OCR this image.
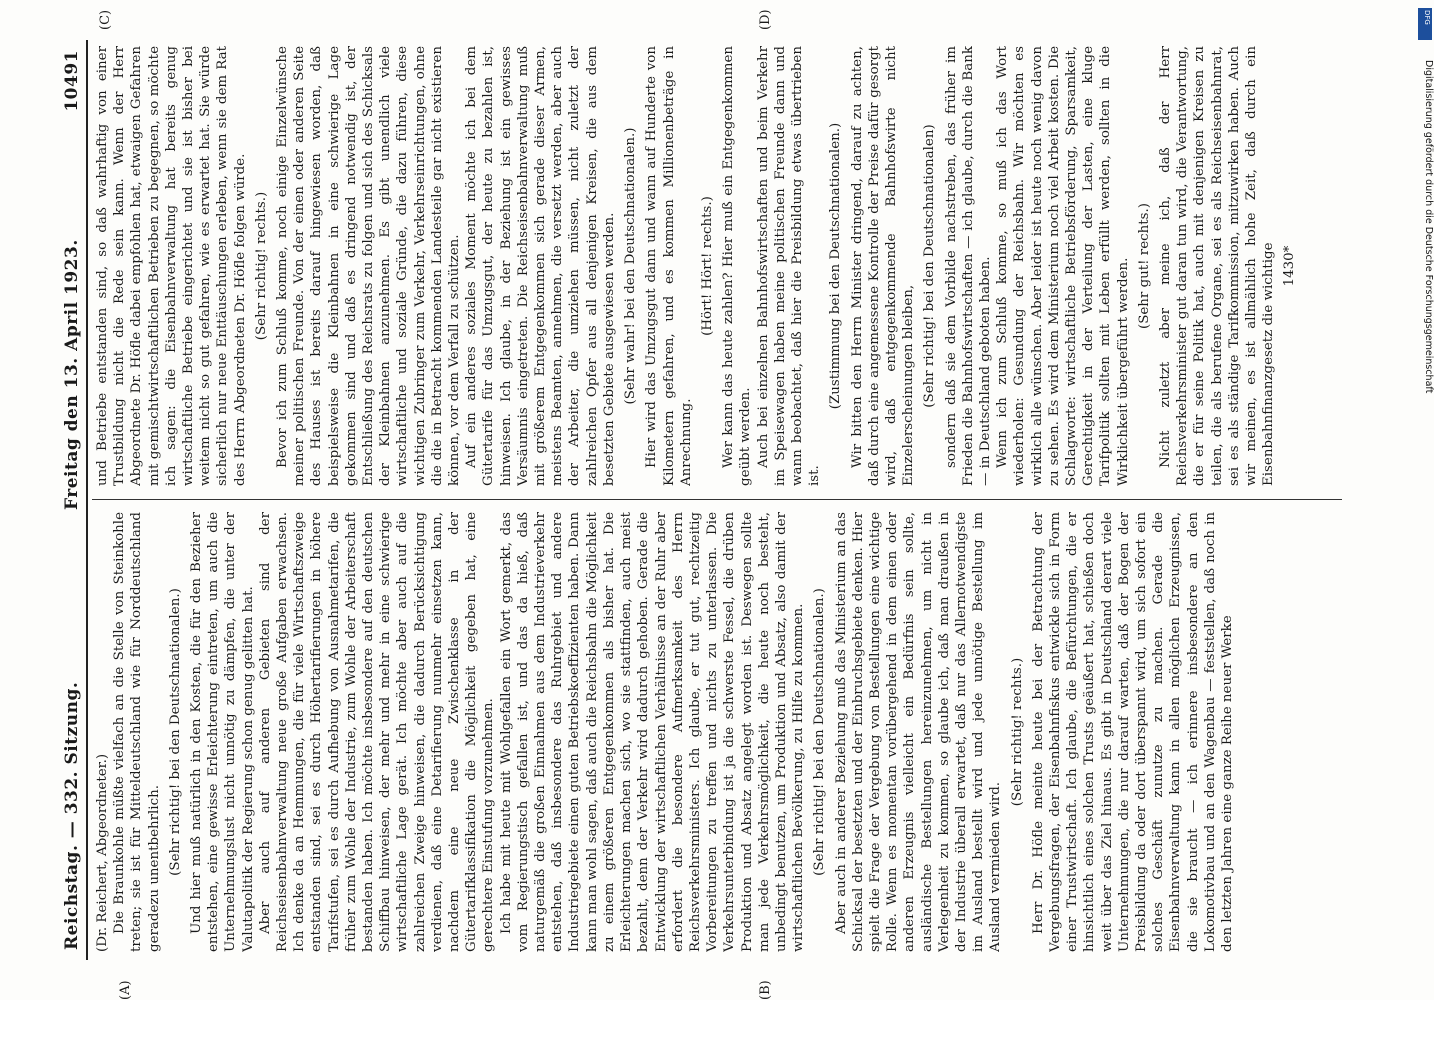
Reichstag. — 332. Sitzung.
Freitag den 13. April 1923.
10491

(Dr. Reichert, Abgeordneter.) Die Braunkohle müßte vielfach an die Stelle von Steinkohle treten; sie ist für Mitteldeutschland wie für Norddeutschland geradezu unentbehrlich. (Sehr richtig! bei den Deutschnationalen.) Und hier muß natürlich in den Kosten, die für den Bezieher entstehen, eine gewisse Erleichterung eintreten, um auch die Unternehmungslust nicht unnötig zu dämpfen, die unter der Valutapolitik der Regierung schon genug gelitten hat. Aber auch auf anderen Gebieten sind der Reichseisenbahnverwaltung neue große Aufgaben erwachsen. Ich denke da an Hemmungen, die für viele Wirtschaftszweige entstanden sind, sei es durch Höhertarifierungen in höhere Tarifstufen, sei es durch Aufhebung von Ausnahmetarifen, die früher zum Wohle der Industrie, zum Wohle der Arbeiterschaft bestanden haben. Ich möchte insbesondere auf den deutschen Schiffbau hinweisen, der mehr und mehr in eine schwierige wirtschaftliche Lage gerät. Ich möchte aber auch auf die zahlreichen Zweige hinweisen, die dadurch Berücksichtigung verdienen, daß eine Detarifierung nunmehr einsetzen kann, nachdem eine neue Zwischenklasse in der Gütertarifklassifikation die Möglichkeit gegeben hat, eine gerechtere Einstufung vorzunehmen. Ich habe mit heute mit Wohlgefallen ein Wort gemerkt, das vom Regierungstisch gefallen ist, und das da hieß, daß naturgemäß die großen Einnahmen aus dem Industrieverkehr entstehen, daß insbesondere das Ruhrgebiet und andere Industriegebiete einen guten Betriebskoeffizienten haben. Dann kann man wohl sagen, daß auch die Reichsbahn die Möglichkeit zu einem größeren Entgegenkommen als bisher hat. Die Erleichterungen machen sich, wo sie stattfinden, auch meist bezahlt, denn der Verkehr wird dadurch gehoben. Gerade die Entwicklung der wirtschaftlichen Verhältnisse an der Ruhr aber erfordert die besondere Aufmerksamkeit des Herrn Reichsverkehrsministers. Ich glaube, er tut gut, rechtzeitig Vorbereitungen zu treffen und nichts zu unterlassen. Die Verkehrsunterbindung ist ja die schwerste Fessel, die drüben Produktion und Absatz angelegt worden ist. Deswegen sollte man jede Verkehrsmöglichkeit, die heute noch besteht, unbedingt benutzen, um Produktion und Absatz, also damit der wirtschaftlichen Bevölkerung, zu Hilfe zu kommen. (Sehr richtig! bei den Deutschnationalen.) Aber auch in anderer Beziehung muß das Ministerium an das Schicksal der besetzten und der Einbruchsgebiete denken. Hier spielt die Frage der Vergebung von Bestellungen eine wichtige Rolle. Wenn es momentan vorübergehend in dem einen oder anderen Erzeugnis vielleicht ein Bedürfnis sein sollte, ausländische Bestellungen hereinzunehmen, um nicht in Verlegenheit zu kommen, so glaube ich, daß man draußen in der Industrie überall erwartet, daß nur das Allernotwendigste im Ausland bestellt wird und jede unnötige Bestellung im Ausland vermieden wird.

(Sehr richtig! rechts.) Herr Dr. Höfle meinte heute bei der Betrachtung der Vergebungsfragen, der Eisenbahnfiskus entwickle sich in Form einer Trustwirtschaft. Ich glaube, die Befürchtungen, die er hinsichtlich eines solchen Trusts geäußert hat, schießen doch weit über das Ziel hinaus. Es gibt in Deutschland derart viele Unternehmungen, die nur darauf warten, daß der Bogen der Preisbildung da oder dort überspannt wird, um sich sofort ein solches Geschäft zunutze zu machen. Gerade die Eisenbahnverwaltung kann in allen möglichen Erzeugnissen, die sie braucht — ich erinnere insbesondere an den Lokomotivbau und an den Wagenbau — feststellen, daß noch in den letzten Jahren eine ganze Reihe neuer Werke

und Betriebe entstanden sind, so daß wahrhaftig von einer Trustbildung nicht die Rede sein kann. Wenn der Herr Abgeordnete Dr. Höfle dabei empfohlen hat, etwaigen Gefahren mit gemischtwirtschaftlichen Betrieben zu begegnen, so möchte ich sagen: die Eisenbahnverwaltung hat bereits genug wirtschaftliche Betriebe eingerichtet und sie ist bisher bei weitem nicht so gut gefahren, wie es erwartet hat. Sie würde sicherlich nur neue Enttäuschungen erleben, wenn sie dem Rat des Herrn Abgeordneten Dr. Höfle folgen würde. (Sehr richtig! rechts.) Bevor ich zum Schluß komme, noch einige Einzelwünsche meiner politischen Freunde. Von der einen oder anderen Seite des Hauses ist bereits darauf hingewiesen worden, daß beispielsweise die Kleinbahnen in eine schwierige Lage gekommen sind und daß es dringend notwendig ist, der Entschließung des Reichsrats zu folgen und sich des Schicksals der Kleinbahnen anzunehmen. Es gibt unendlich viele wirtschaftliche und soziale Gründe, die dazu führen, diese wichtigen Zubringer zum Verkehr, Verkehrseinrichtungen, ohne die die in Betracht kommenden Landesteile gar nicht existieren können, vor dem Verfall zu schützen. Auf ein anderes soziales Moment möchte ich bei dem Gütertarife für das Umzugsgut, der heute zu bezahlen ist, hinweisen. Ich glaube, in der Beziehung ist ein gewisses Versäumnis eingetreten. Die Reichseisenbahnverwaltung muß mit größerem Entgegenkommen sich gerade dieser Armen, meistens Beamten, annehmen, die versetzt werden, aber auch der Arbeiter, die umziehen müssen, nicht zuletzt der zahlreichen Opfer aus all denjenigen Kreisen, die aus dem besetzten Gebiete ausgewiesen werden. (Sehr wahr! bei den Deutschnationalen.) Hier wird das Umzugsgut dann und wann auf Hunderte von Kilometern gefahren, und es kommen Millionenbeträge in Anrechnung.

(Hört! Hört! rechts.) Wer kann das heute zahlen? Hier muß ein Entgegenkommen geübt werden. Auch bei einzelnen Bahnhofswirtschaften und beim Verkehr im Speisewagen haben meine politischen Freunde dann und wann beobachtet, daß hier die Preisbildung etwas übertrieben ist.

(Zustimmung bei den Deutschnationalen.) Wir bitten den Herrn Minister dringend, darauf zu achten, daß durch eine angemessene Kontrolle der Preise dafür gesorgt wird, daß entgegenkommende Bahnhofswirte nicht Einzelerscheinungen bleiben, (Sehr richtig! bei den Deutschnationalen) sondern daß sie dem Vorbilde nachstreben, das früher im Frieden die Bahnhofswirtschaften — ich glaube, durch die Bank — in Deutschland geboten haben. Wenn ich zum Schluß komme, so muß ich das Wort wiederholen: Gesundung der Reichsbahn. Wir möchten es wirklich alle wünschen. Aber leider ist heute noch wenig davon zu sehen. Es wird dem Ministerium noch viel Arbeit kosten. Die Schlagworte: wirtschaftliche Betriebsförderung, Sparsamkeit, Gerechtigkeit in der Verteilung der Lasten, eine kluge Tarifpolitik sollten mit Leben erfüllt werden, sollten in die Wirklichkeit übergeführt werden. (Sehr gut! rechts.) Nicht zuletzt aber meine ich, daß der Herr Reichsverkehrsminister gut daran tun wird, die Verantwortung, die er für seine Politik hat, auch mit denjenigen Kreisen zu teilen, die als berufene Organe, sei es als Reichseisenbahnrat, sei es als ständige Tarifkommission, mitzuwirken haben. Auch wir meinen, es ist allmählich hohe Zeit, daß durch ein Eisenbahnfinanzgesetz die wichtige 1430*

(A)	(B)
(C)	(D)	DFG
Digitalisierung gefördert durch die Deutsche Forschungsgemeinschaft
